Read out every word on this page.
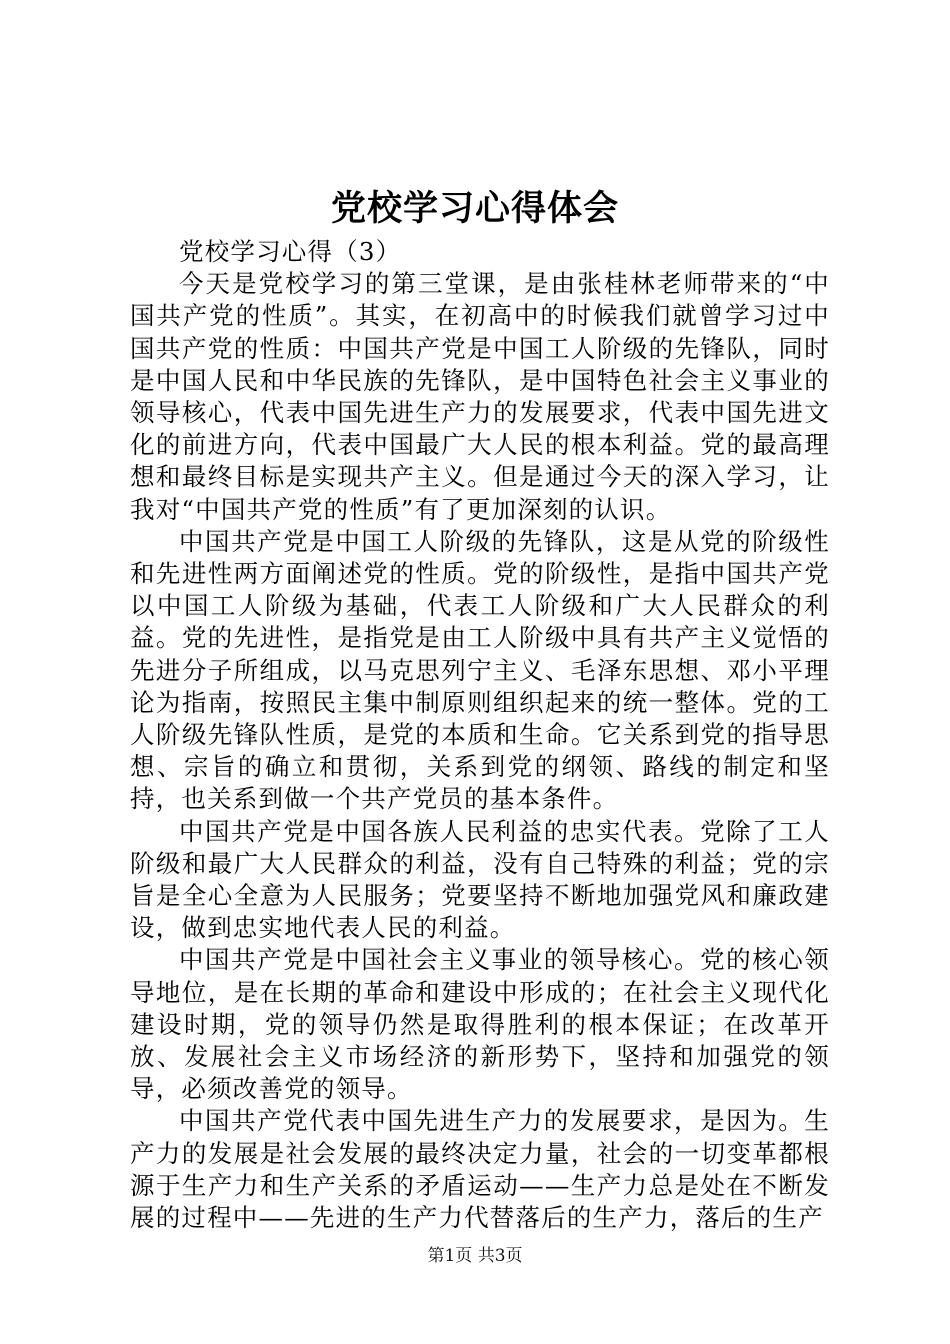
党校学习心得体会

党校学习心得（3）

今天是党校学习的第三堂课，是由张桂林老师带来的“中国共产党的性质”。其实，在初高中的时候我们就曾学习过中国共产党的性质：中国共产党是中国工人阶级的先锋队，同时是中国人民和中华民族的先锋队，是中国特色社会主义事业的领导核心，代表中国先进生产力的发展要求，代表中国先进文化的前进方向，代表中国最广大人民的根本利益。党的最高理想和最终目标是实现共产主义。但是通过今天的深入学习，让我对“中国共产党的性质”有了更加深刻的认识。

中国共产党是中国工人阶级的先锋队，这是从党的阶级性和先进性两方面阐述党的性质。党的阶级性，是指中国共产党以中国工人阶级为基础，代表工人阶级和广大人民群众的利益。党的先进性，是指党是由工人阶级中具有共产主义觉悟的先进分子所组成，以马克思列宁主义、毛泽东思想、邓小平理论为指南，按照民主集中制原则组织起来的统一整体。党的工人阶级先锋队性质，是党的本质和生命。它关系到党的指导思想、宗旨的确立和贯彻，关系到党的纲领、路线的制定和坚持，也关系到做一个共产党员的基本条件。

中国共产党是中国各族人民利益的忠实代表。党除了工人阶级和最广大人民群众的利益，没有自己特殊的利益；党的宗旨是全心全意为人民服务；党要坚持不断地加强党风和廉政建设，做到忠实地代表人民的利益。

中国共产党是中国社会主义事业的领导核心。党的核心领导地位，是在长期的革命和建设中形成的；在社会主义现代化建设时期，党的领导仍然是取得胜利的根本保证；在改革开放、发展社会主义市场经济的新形势下，坚持和加强党的领导，必须改善党的领导。

中国共产党代表中国先进生产力的发展要求，是因为。生产力的发展是社会发展的最终决定力量，社会的一切变革都根源于生产力和生产关系的矛盾运动——生产力总是处在不断发展的过程中——先进的生产力代替落后的生产力，落后的生产

第1页 共3页
